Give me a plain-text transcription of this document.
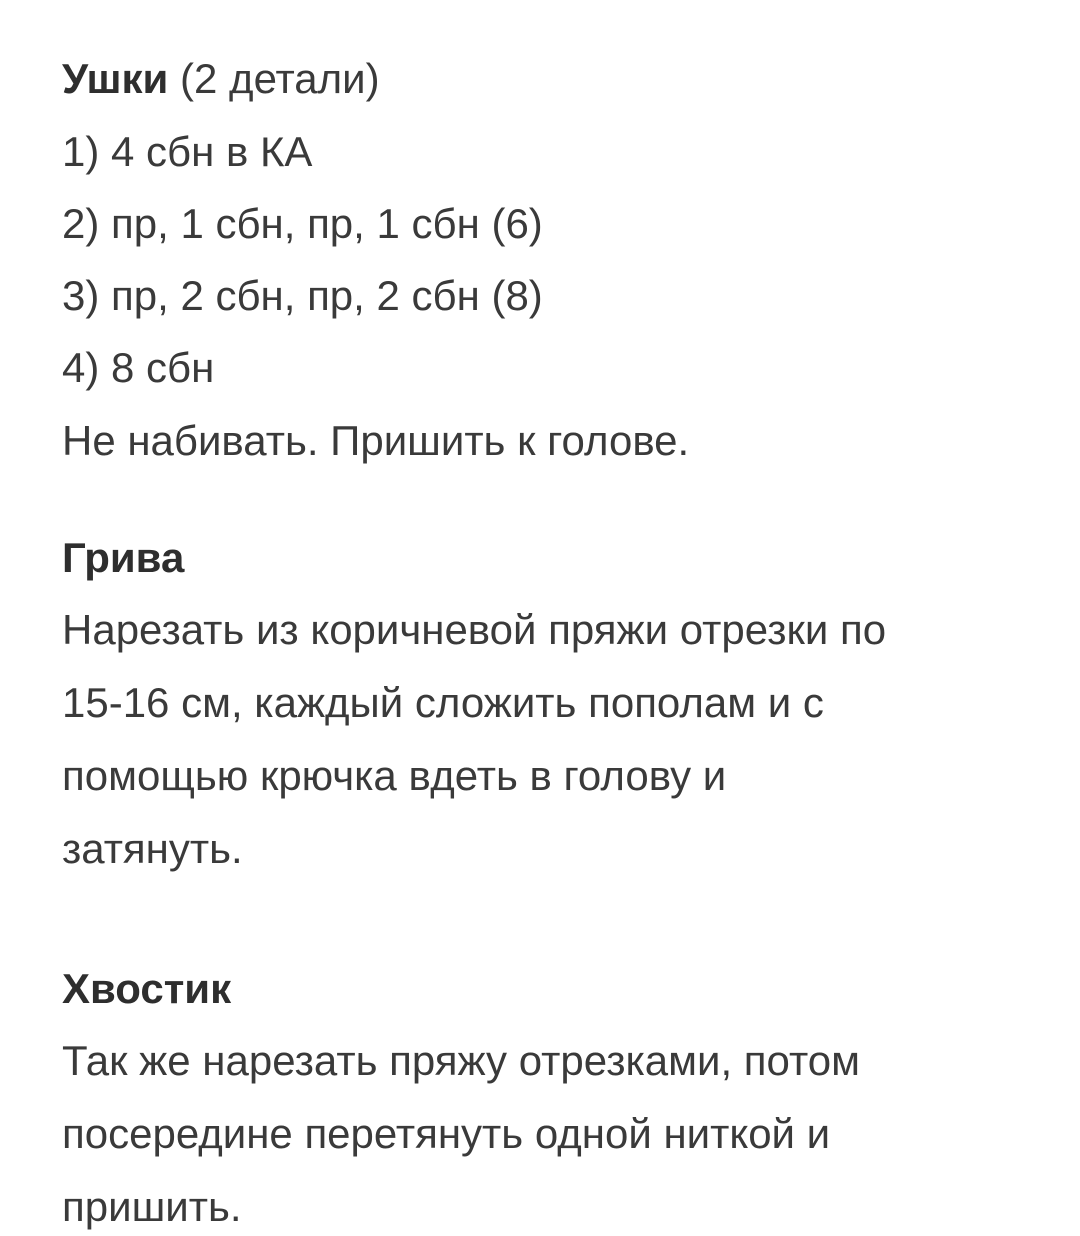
Ушки (2 детали)
1) 4 сбн в КА
2) пр, 1 сбн, пр, 1 сбн (6)
3) пр, 2 сбн, пр, 2 сбн (8)
4) 8 сбн
Не набивать. Пришить к голове.
Грива
Нарезать из коричневой пряжи отрезки по
15-16 см, каждый сложить пополам и с
помощью крючка вдеть в голову и
затянуть.
Хвостик
Так же нарезать пряжу отрезками, потом
посередине перетянуть одной ниткой и
пришить.
